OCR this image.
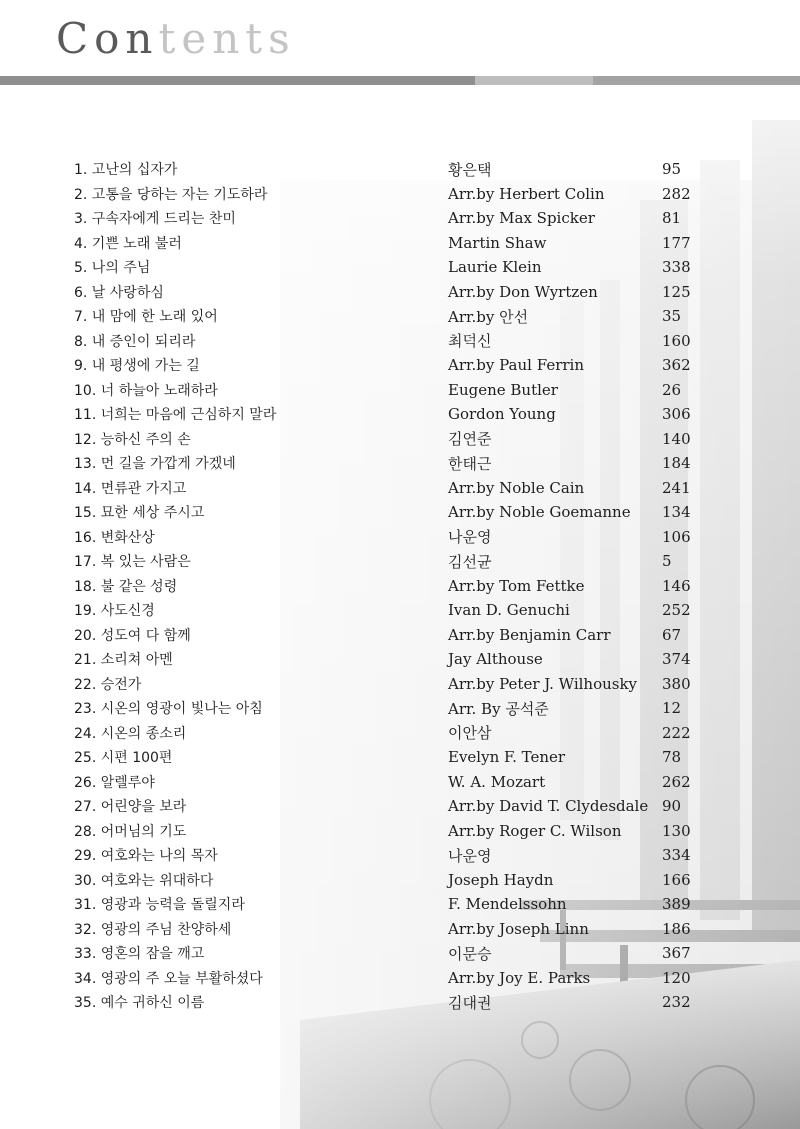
Contents
1. 고난의 십자가	황은택	95
2. 고통을 당하는 자는 기도하라	Arr.by Herbert Colin	282
3. 구속자에게 드리는 찬미	Arr.by Max Spicker	81
4. 기쁜 노래 불러	Martin Shaw	177
5. 나의 주님	Laurie Klein	338
6. 날 사랑하심	Arr.by Don Wyrtzen	125
7. 내 맘에 한 노래 있어	Arr.by 안선	35
8. 내 증인이 되리라	최덕신	160
9. 내 평생에 가는 길	Arr.by Paul Ferrin	362
10. 너 하늘아 노래하라	Eugene Butler	26
11. 너희는 마음에 근심하지 말라	Gordon Young	306
12. 능하신 주의 손	김연준	140
13. 먼 길을 가깝게 가겠네	한태근	184
14. 면류관 가지고	Arr.by Noble Cain	241
15. 묘한 세상 주시고	Arr.by Noble Goemanne	134
16. 변화산상	나운영	106
17. 복 있는 사람은	김선균	5
18. 불 같은 성령	Arr.by Tom Fettke	146
19. 사도신경	Ivan D. Genuchi	252
20. 성도여 다 함께	Arr.by Benjamin Carr	67
21. 소리쳐 아멘	Jay Althouse	374
22. 승전가	Arr.by Peter J. Wilhousky	380
23. 시온의 영광이 빛나는 아침	Arr. By 공석준	12
24. 시온의 종소리	이안삼	222
25. 시편 100편	Evelyn F. Tener	78
26. 알렐루야	W. A. Mozart	262
27. 어린양을 보라	Arr.by David T. Clydesdale 90
28. 어머님의 기도	Arr.by Roger C. Wilson	130
29. 여호와는 나의 목자	나운영	334
30. 여호와는 위대하다	Joseph Haydn	166
31. 영광과 능력을 돌릴지라	F. Mendelssohn	389
32. 영광의 주님 찬양하세	Arr.by Joseph Linn	186
33. 영혼의 잠을 깨고	이문승	367
34. 영광의 주 오늘 부활하셨다	Arr.by Joy E. Parks	120
35. 예수 귀하신 이름	김대권	232
